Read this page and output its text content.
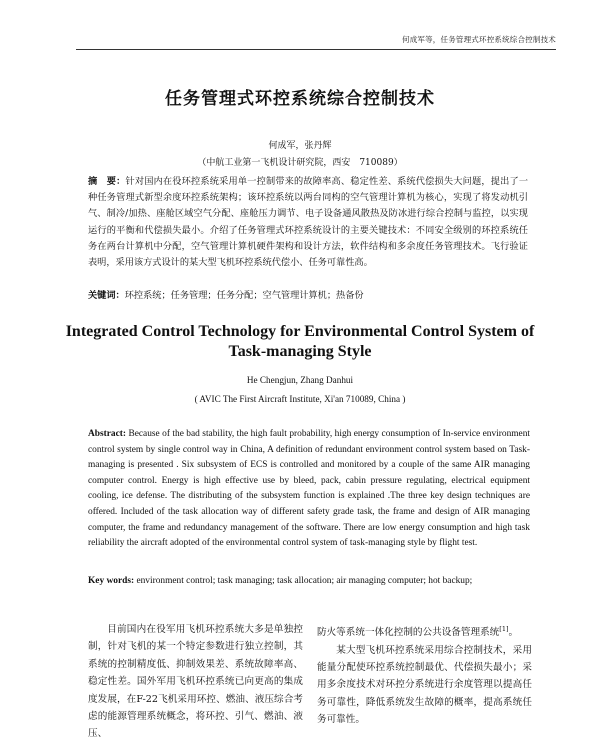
何成军等，任务管理式环控系统综合控制技术
任务管理式环控系统综合控制技术
何成军，张丹辉
（中航工业第一飞机设计研究院，西安　710089）
摘　要：针对国内在役环控系统采用单一控制带来的故障率高、稳定性差、系统代偿损失大问题，提出了一种任务管理式新型余度环控系统架构；该环控系统以两台同构的空气管理计算机为核心，实现了将发动机引气、制冷/加热、座舱区域空气分配、座舱压力调节、电子设备通风散热及防冰进行综合控制与监控，以实现运行的平衡和代偿损失最小。介绍了任务管理式环控系统设计的主要关键技术：不同安全级别的环控系统任务在两台计算机中分配，空气管理计算机硬件架构和设计方法，软件结构和多余度任务管理技术。飞行验证表明，采用该方式设计的某大型飞机环控系统代偿小、任务可靠性高。
关键词：环控系统；任务管理；任务分配；空气管理计算机；热备份
Integrated Control Technology for Environmental Control System of Task-managing Style
He Chengjun, Zhang Danhui
( AVIC The First Aircraft Institute, Xi'an 710089, China )
Abstract: Because of the bad stability, the high fault probability, high energy consumption of In-service environment control system by single control way in China, A definition of redundant environment control system based on Task-managing is presented . Six subsystem of ECS is controlled and monitored by a couple of the same AIR managing computer control. Energy is high effective use by bleed, pack, cabin pressure regulating, electrical equipment cooling, ice defense. The distributing of the subsystem function is explained .The three key design techniques are offered. Included of the task allocation way of different safety grade task, the frame and design of AIR managing computer, the frame and redundancy management of the software. There are low energy consumption and high task reliability the aircraft adopted of the environmental control system of task-managing style by flight test.
Key words: environment control; task managing; task allocation; air managing computer; hot backup;
目前国内在役军用飞机环控系统大多是单独控制，针对飞机的某一个特定参数进行独立控制，其系统的控制精度低、抑制效果差、系统故障率高、稳定性差。国外军用飞机环控系统已向更高的集成度发展，在F-22飞机采用环控、燃油、液压综合考虑的能源管理系统概念，将环控、引气、燃油、液压、

防火等系统一体化控制的公共设备管理系统[1]。

某大型飞机环控系统采用综合控制技术，采用能量分配使环控系统控制最优、代偿损失最小；采用多余度技术对环控分系统进行余度管理以提高任务可靠性，降低系统发生故障的概率，提高系统任务可靠性。
